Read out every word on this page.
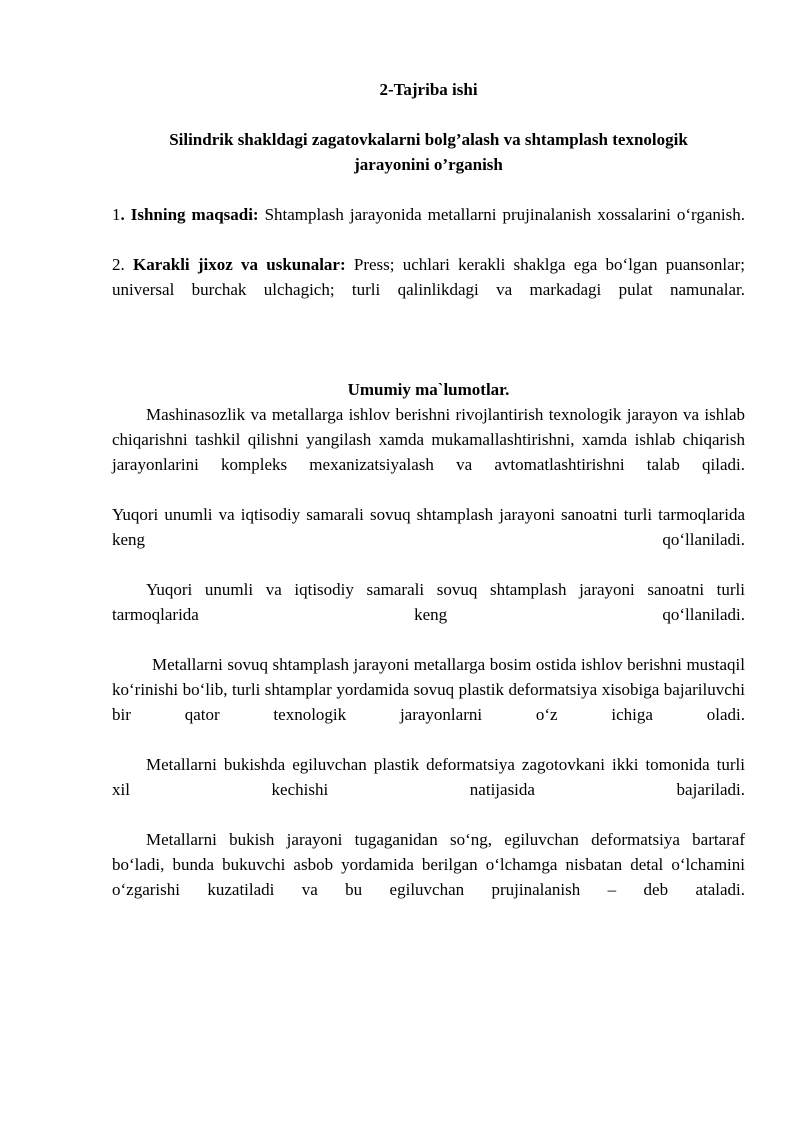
2-Tajriba ishi
Silindrik shakldagi zagatovkalarni bolg’alash va shtamplash texnologik
jarayonini o’rganish

1. Ishning maqsadi: Shtamplash jarayonida metallarni prujinalanish xossalarini oʻrganish.

2. Karakli jixoz va uskunalar: Press; uchlari kerakli shaklga ega boʻlgan puansonlar; universal burchak ulchagich; turli qalinlikdagi va markadagi pulat namunalar.

Umumiy ma`lumotlar.

Mashinasozlik va metallarga ishlov berishni rivojlantirish texnologik jarayon va ishlab chiqarishni tashkil qilishni yangilash xamda mukamallashtirishni, xamda ishlab chiqarish jarayonlarini kompleks mexanizatsiyalash va avtomatlashtirishni talab qiladi.

Yuqori unumli va iqtisodiy samarali sovuq shtamplash jarayoni sanoatni turli tarmoqlarida keng qoʻllaniladi.

Yuqori unumli va iqtisodiy samarali sovuq shtamplash jarayoni sanoatni turli tarmoqlarida keng qoʻllaniladi.

Metallarni sovuq shtamplash jarayoni metallarga bosim ostida ishlov berishni mustaqil koʻrinishi boʻlib, turli shtamplar yordamida sovuq plastik deformatsiya xisobiga bajariluvchi bir qator texnologik jarayonlarni oʻz ichiga oladi.

Metallarni bukishda egiluvchan plastik deformatsiya zagotovkani ikki tomonida turli xil kechishi natijasida bajariladi.

Metallarni bukish jarayoni tugaganidan soʻng, egiluvchan deformatsiya bartaraf boʻladi, bunda bukuvchi asbob yordamida berilgan oʻlchamga nisbatan detal oʻlchamini oʻzgarishi kuzatiladi va bu egiluvchan prujinalanish – deb ataladi.
